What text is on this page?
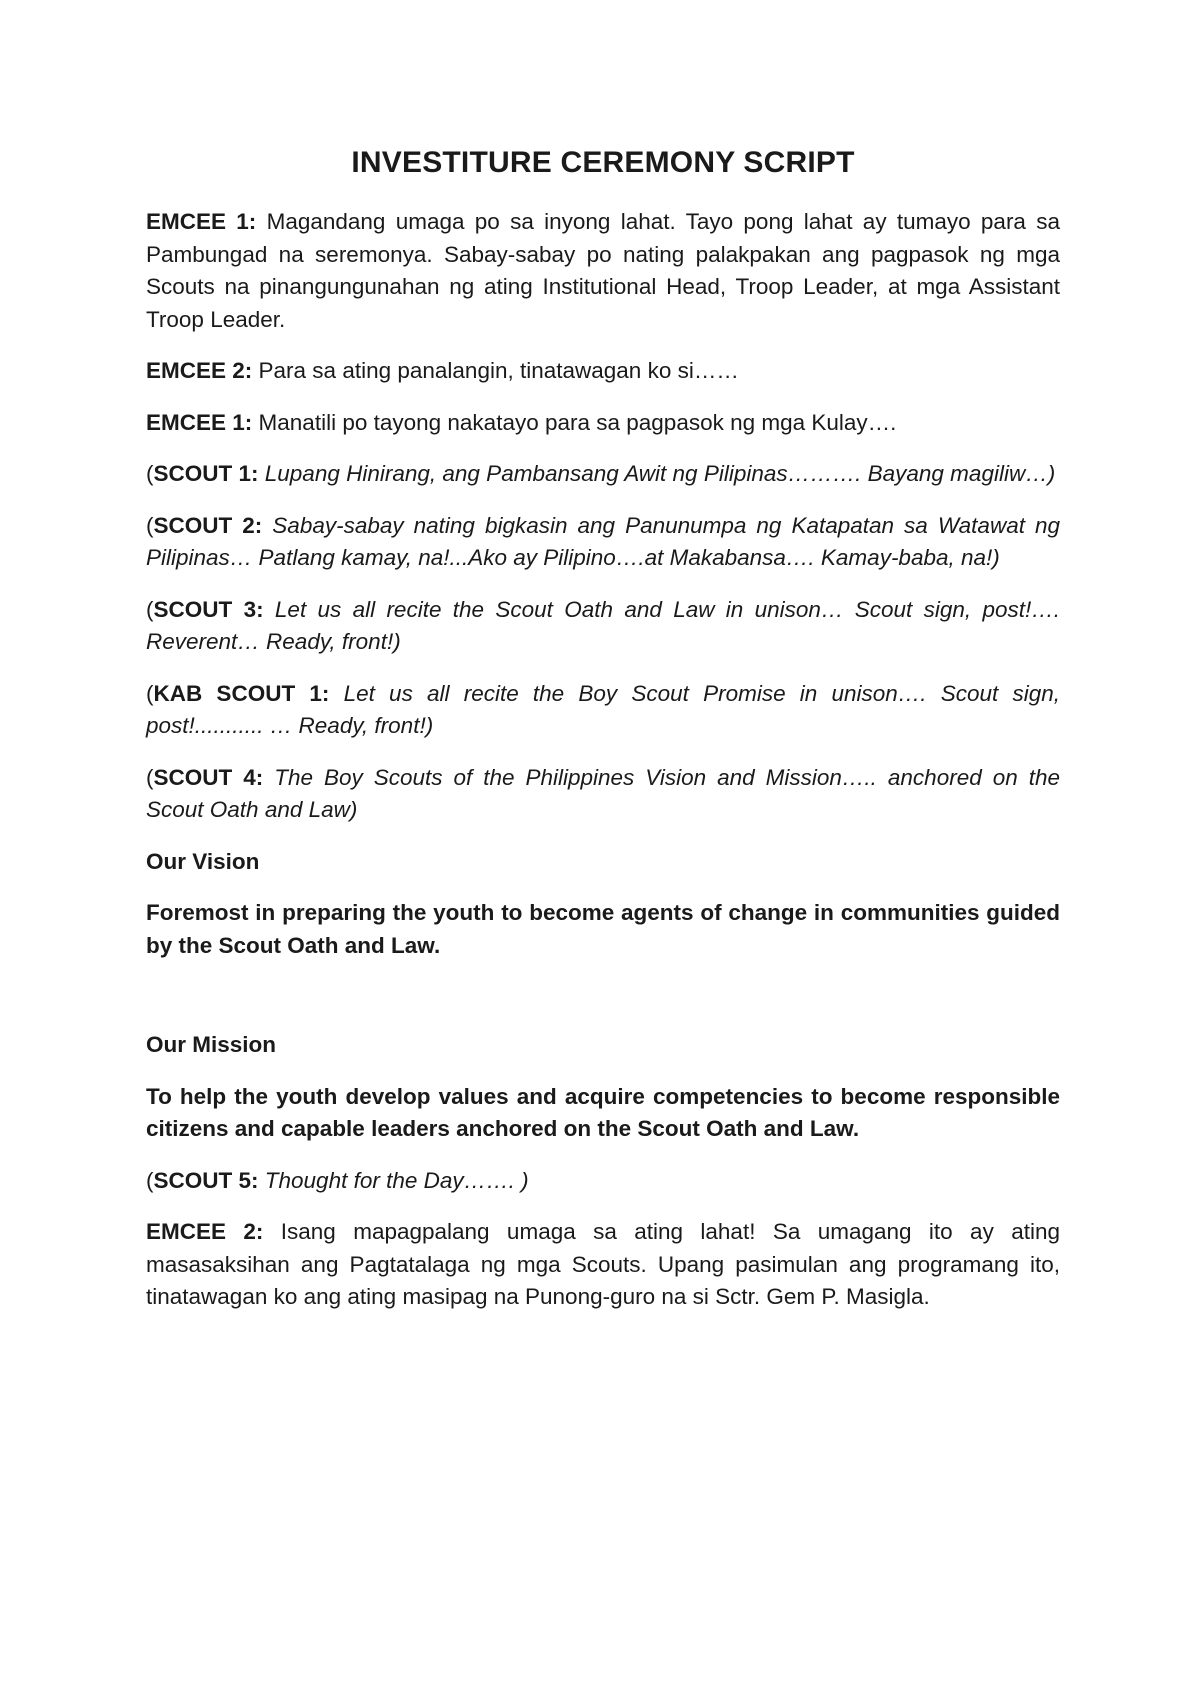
INVESTITURE CEREMONY SCRIPT

EMCEE 1: Magandang umaga po sa inyong lahat. Tayo pong lahat ay tumayo para sa Pambungad na seremonya. Sabay-sabay po nating palakpakan ang pagpasok ng mga Scouts na pinangungunahan ng ating Institutional Head, Troop Leader, at mga Assistant Troop Leader.

EMCEE 2: Para sa ating panalangin, tinatawagan ko si……

EMCEE 1: Manatili po tayong nakatayo para sa pagpasok ng mga Kulay….

(SCOUT 1: Lupang Hinirang, ang Pambansang Awit ng Pilipinas………. Bayang magiliw…)

(SCOUT 2: Sabay-sabay nating bigkasin ang Panunumpa ng Katapatan sa Watawat ng Pilipinas… Patlang kamay, na!...Ako ay Pilipino….at Makabansa…. Kamay-baba, na!)

(SCOUT 3: Let us all recite the Scout Oath and Law in unison… Scout sign, post!…. Reverent… Ready, front!)

(KAB SCOUT 1: Let us all recite the Boy Scout Promise in unison…. Scout sign, post!........... … Ready, front!)

(SCOUT 4: The Boy Scouts of the Philippines Vision and Mission….. anchored on the Scout Oath and Law)

Our Vision

Foremost in preparing the youth to become agents of change in communities guided by the Scout Oath and Law.

Our Mission

To help the youth develop values and acquire competencies to become responsible citizens and capable leaders anchored on the Scout Oath and Law.

(SCOUT 5: Thought for the Day……. )

EMCEE 2: Isang mapagpalang umaga sa ating lahat! Sa umagang ito ay ating masasaksihan ang Pagtatalaga ng mga Scouts. Upang pasimulan ang programang ito, tinatawagan ko ang ating masipag na Punong-guro na si Sctr. Gem P. Masigla.
